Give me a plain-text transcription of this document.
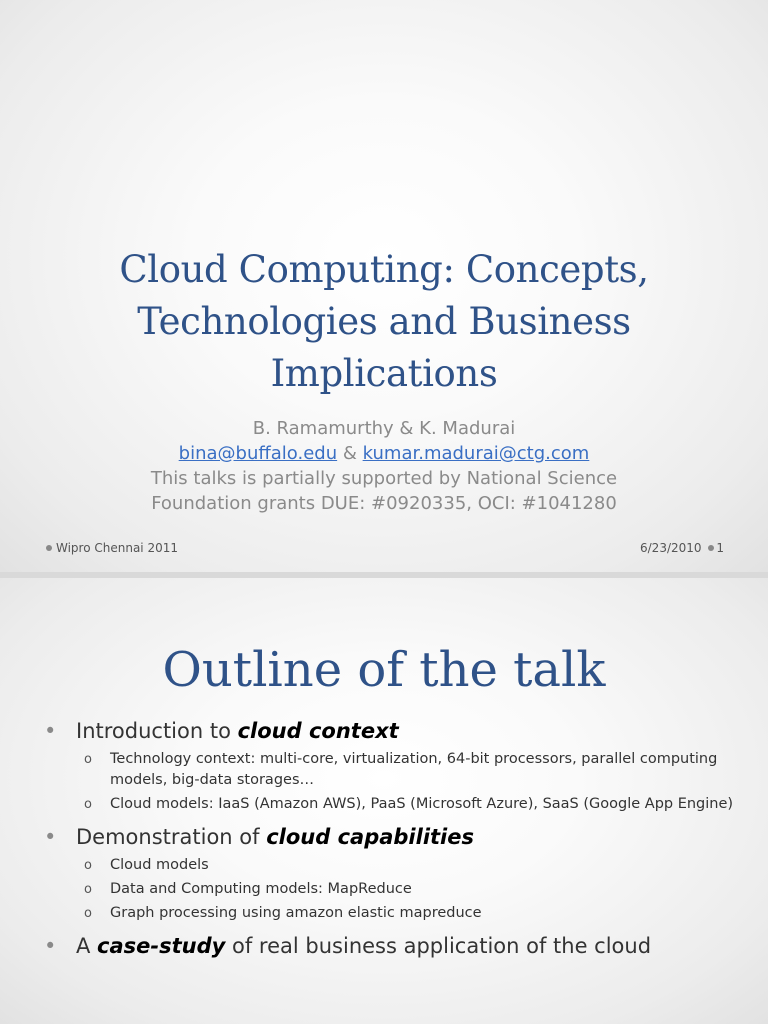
Cloud Computing: Concepts,
Technologies and Business
Implications
B. Ramamurthy & K. Madurai
bina@buffalo.edu & kumar.madurai@ctg.com
This talks is partially supported by National Science
Foundation grants DUE: #0920335, OCI: #1041280
Wipro Chennai 2011	6/23/2010 1
Outline of the talk
• Introduction to cloud context
o Technology context: multi-core, virtualization, 64-bit processors, parallel computing models, big-data storages…
o Cloud models: IaaS (Amazon AWS), PaaS (Microsoft Azure), SaaS (Google App Engine)
• Demonstration of cloud capabilities
o Cloud models
o Data and Computing models: MapReduce
o Graph processing using amazon elastic mapreduce
• A case-study of real business application of the cloud
